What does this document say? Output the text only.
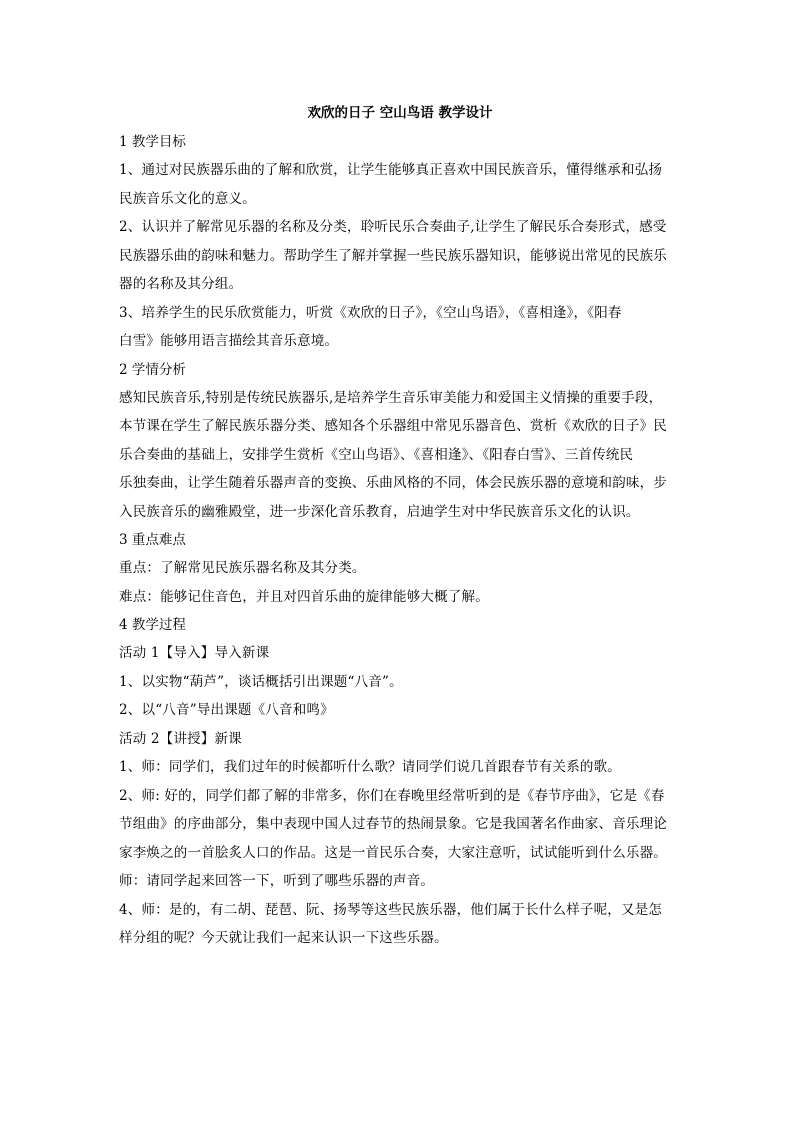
欢欣的日子 空山鸟语 教学设计
1 教学目标
1、通过对民族器乐曲的了解和欣赏，让学生能够真正喜欢中国民族音乐，懂得继承和弘扬
民族音乐文化的意义。
2、认识并了解常见乐器的名称及分类，聆听民乐合奏曲子,让学生了解民乐合奏形式，感受
民族器乐曲的韵味和魅力。帮助学生了解并掌握一些民族乐器知识，能够说出常见的民族乐
器的名称及其分组。
3、培养学生的民乐欣赏能力，听赏《欢欣的日子》，《空山鸟语》，《喜相逢》，《阳春
白雪》能够用语言描绘其音乐意境。
2 学情分析
感知民族音乐,特别是传统民族器乐,是培养学生音乐审美能力和爱国主义情操的重要手段，
本节课在学生了解民族乐器分类、感知各个乐器组中常见乐器音色、赏析《欢欣的日子》民
乐合奏曲的基础上，安排学生赏析《空山鸟语》、《喜相逢》、《阳春白雪》、三首传统民
乐独奏曲，让学生随着乐器声音的变换、乐曲风格的不同，体会民族乐器的意境和韵味，步
入民族音乐的幽雅殿堂，进一步深化音乐教育，启迪学生对中华民族音乐文化的认识。
3 重点难点
重点：了解常见民族乐器名称及其分类。
难点：能够记住音色，并且对四首乐曲的旋律能够大概了解。
4 教学过程
活动 1【导入】导入新课
1、以实物“葫芦”，谈话概括引出课题“八音”。
2、以“八音”导出课题《八音和鸣》
活动 2【讲授】新课
1、师：同学们，我们过年的时候都听什么歌？请同学们说几首跟春节有关系的歌。
2、师: 好的，同学们都了解的非常多，你们在春晚里经常听到的是《春节序曲》，它是《春
节组曲》的序曲部分，集中表现中国人过春节的热闹景象。它是我国著名作曲家、音乐理论
家李焕之的一首脍炙人口的作品。这是一首民乐合奏，大家注意听，试试能听到什么乐器。
师：请同学起来回答一下，听到了哪些乐器的声音。
4、师：是的，有二胡、琵琶、阮、扬琴等这些民族乐器，他们属于长什么样子呢，又是怎
样分组的呢？今天就让我们一起来认识一下这些乐器。
